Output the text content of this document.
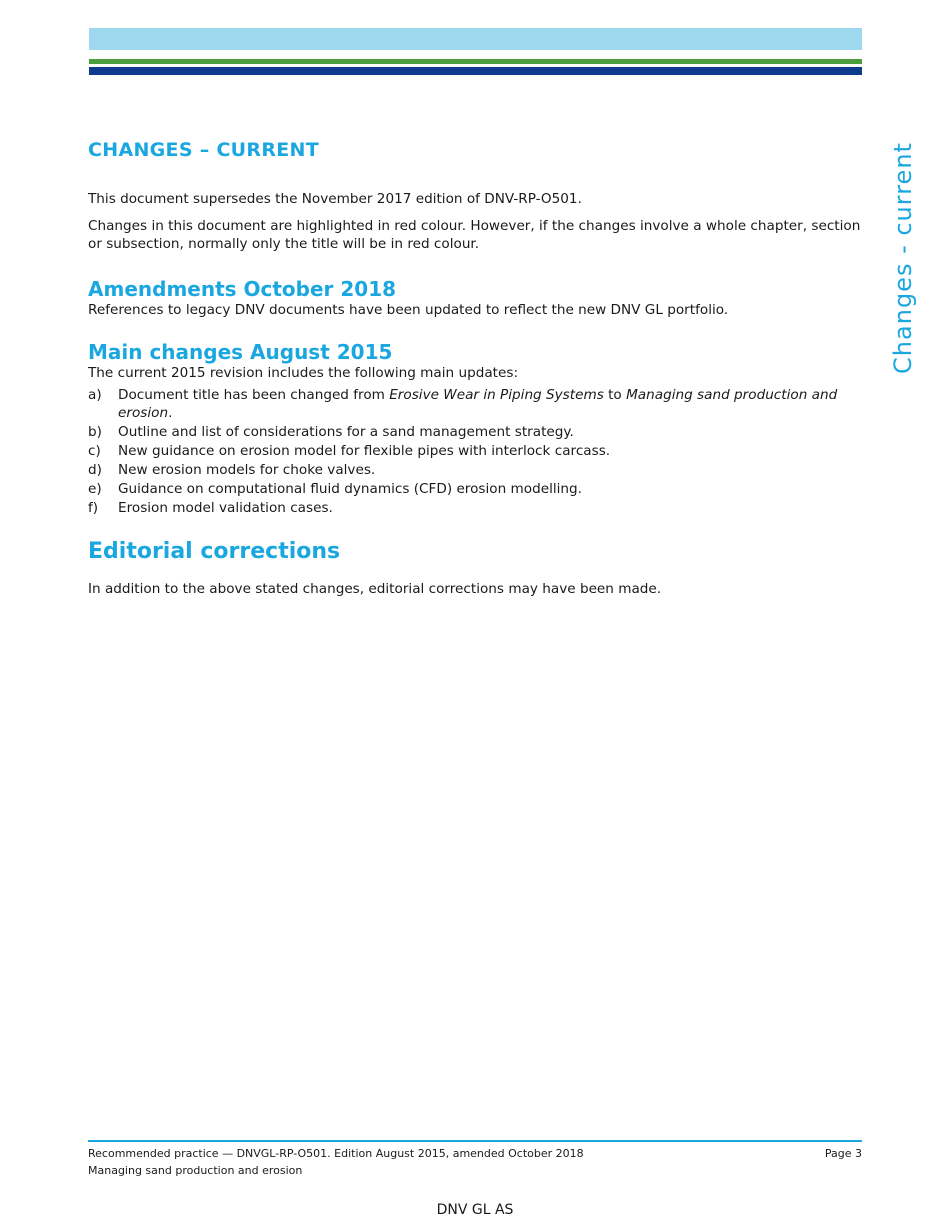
Changes - current
CHANGES – CURRENT

This document supersedes the November 2017 edition of DNV-RP-O501.

Changes in this document are highlighted in red colour. However, if the changes involve a whole chapter, section or subsection, normally only the title will be in red colour.

Amendments October 2018

References to legacy DNV documents have been updated to reflect the new DNV GL portfolio.

Main changes August 2015

The current 2015 revision includes the following main updates:

a) Document title has been changed from Erosive Wear in Piping Systems to Managing sand production and erosion.
b) Outline and list of considerations for a sand management strategy.
c) New guidance on erosion model for flexible pipes with interlock carcass.
d) New erosion models for choke valves.
e) Guidance on computational fluid dynamics (CFD) erosion modelling.
f) Erosion model validation cases.
Editorial corrections

In addition to the above stated changes, editorial corrections may have been made.

Recommended practice — DNVGL-RP-O501. Edition August 2015, amended October 2018	Page 3
Managing sand production and erosion
DNV GL AS
